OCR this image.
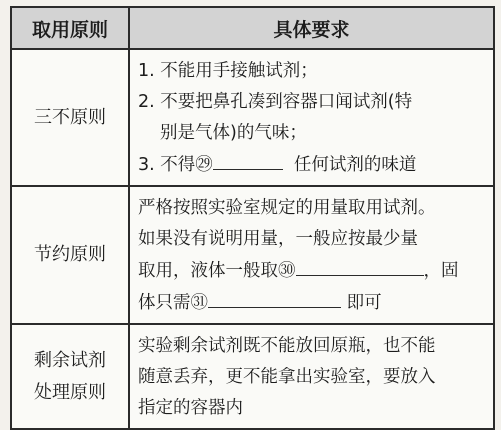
取用原则	具体要求
三不原则	1. 不能用手接触试剂；
2. 不要把鼻孔凑到容器口闻试剂(特
别是气体)的气味；
3. 不得㉙ 任何试剂的味道

节约原则	严格按照实验室规定的用量取用试剂。
如果没有说明用量，一般应按最少量
取用，液体一般取㉚ ，固
体只需㉛ 即可

剩余试剂
处理原则	实验剩余试剂既不能放回原瓶，也不能
随意丢弃，更不能拿出实验室，要放入
指定的容器内
